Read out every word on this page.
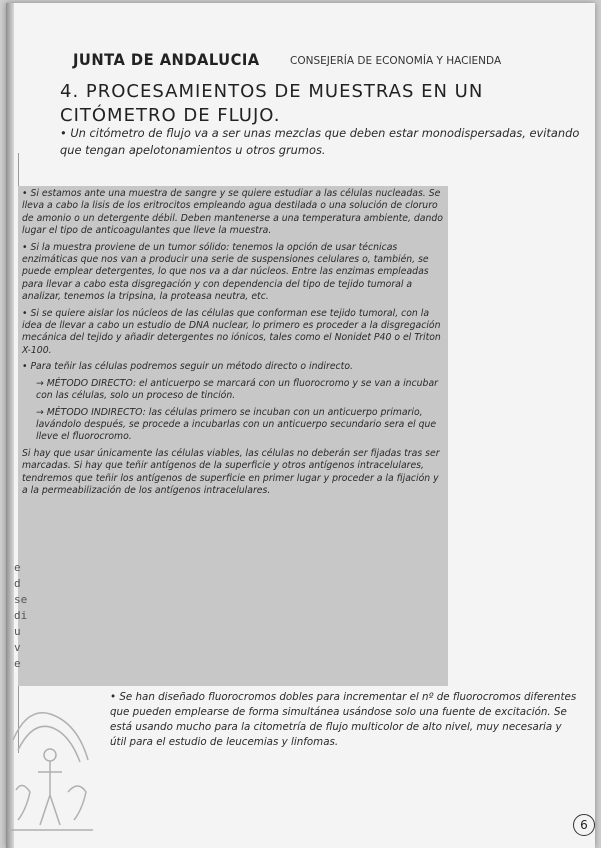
JUNTA DE ANDALUCIA	CONSEJERÍA DE ECONOMÍA Y HACIENDA
4. PROCESAMIENTOS DE MUESTRAS EN UN CITÓMETRO DE FLUJO.
• Un citómetro de flujo va a ser unas mezclas que deben estar monodispersadas, evitando que tengan apelotonamientos u otros grumos.

• Si estamos ante una muestra de sangre y se quiere estudiar a las células nucleadas. Se lleva a cabo la lisis de los eritrocitos empleando agua destilada o una solución de cloruro de amonio o un detergente débil. Deben mantenerse a una temperatura ambiente, dando lugar el tipo de anticoagulantes que lleve la muestra.

• Si la muestra proviene de un tumor sólido: tenemos la opción de usar técnicas enzimáticas que nos van a producir una serie de suspensiones celulares o, también, se puede emplear detergentes, lo que nos va a dar núcleos. Entre las enzimas empleadas para llevar a cabo esta disgregación y con dependencia del tipo de tejido tumoral a analizar, tenemos la tripsina, la proteasa neutra, etc.

• Si se quiere aislar los núcleos de las células que conforman ese tejido tumoral, con la idea de llevar a cabo un estudio de DNA nuclear, lo primero es proceder a la disgregación mecánica del tejido y añadir detergentes no iónicos, tales como el Nonidet P40 o el Triton X-100.

• Para teñir las células podremos seguir un método directo o indirecto.

→ MÉTODO DIRECTO: el anticuerpo se marcará con un fluorocromo y se van a incubar con las células, solo un proceso de tinción.

→ MÉTODO INDIRECTO: las células primero se incuban con un anticuerpo primario, lavándolo después, se procede a incubarlas con un anticuerpo secundario sera el que lleve el fluorocromo.

Si hay que usar únicamente las células viables, las células no deberán ser fijadas tras ser marcadas. Si hay que teñir antígenos de la superficie y otros antígenos intracelulares, tendremos que teñir los antígenos de superficie en primer lugar y proceder a la fijación y a la permeabilización de los antígenos intracelulares.

e
d
se
di
u
v
e
• Se han diseñado fluorocromos dobles para incrementar el nº de fluorocromos diferentes que pueden emplearse de forma simultánea usándose solo una fuente de excitación. Se está usando mucho para la citometría de flujo multicolor de alto nivel, muy necesaria y útil para el estudio de leucemias y linfomas.
6
